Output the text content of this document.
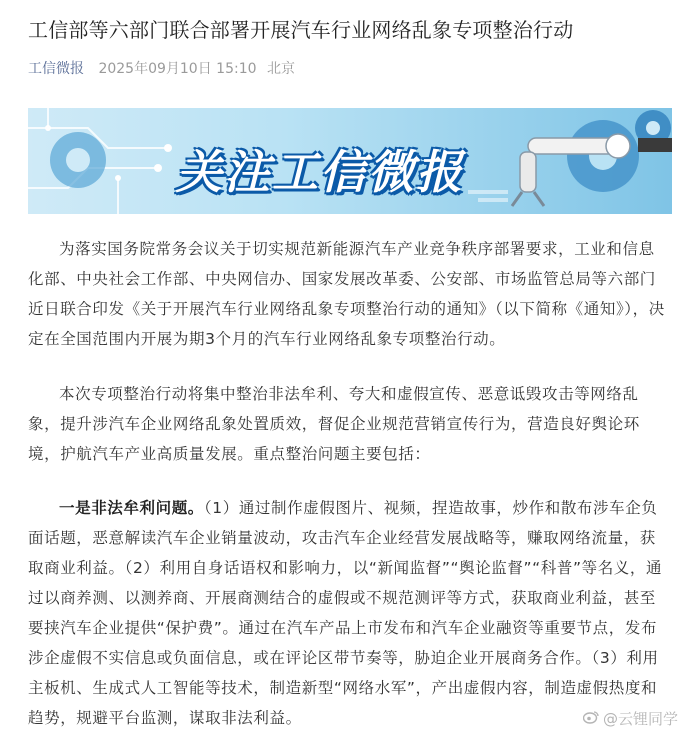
工信部等六部门联合部署开展汽车行业网络乱象专项整治行动
工信微报 2025年09月10日 15:10 北京
关注工信微报
为落实国务院常务会议关于切实规范新能源汽车产业竞争秩序部署要求，工业和信息化部、中央社会工作部、中央网信办、国家发展改革委、公安部、市场监管总局等六部门近日联合印发《关于开展汽车行业网络乱象专项整治行动的通知》（以下简称《通知》），决定在全国范围内开展为期3个月的汽车行业网络乱象专项整治行动。
本次专项整治行动将集中整治非法牟利、夸大和虚假宣传、恶意诋毁攻击等网络乱象，提升涉汽车企业网络乱象处置质效，督促企业规范营销宣传行为，营造良好舆论环境，护航汽车产业高质量发展。重点整治问题主要包括：
一是非法牟利问题。（1）通过制作虚假图片、视频，捏造故事，炒作和散布涉车企负面话题，恶意解读汽车企业销量波动，攻击汽车企业经营发展战略等，赚取网络流量，获取商业利益。（2）利用自身话语权和影响力，以“新闻监督”“舆论监督”“科普”等名义，通过以商养测、以测养商、开展商测结合的虚假或不规范测评等方式，获取商业利益，甚至要挟汽车企业提供“保护费”。通过在汽车产品上市发布和汽车企业融资等重要节点，发布涉企虚假不实信息或负面信息，或在评论区带节奏等，胁迫企业开展商务合作。（3）利用主板机、生成式人工智能等技术，制造新型“网络水军”，产出虚假内容，制造虚假热度和趋势，规避平台监测，谋取非法利益。	@云锂同学
